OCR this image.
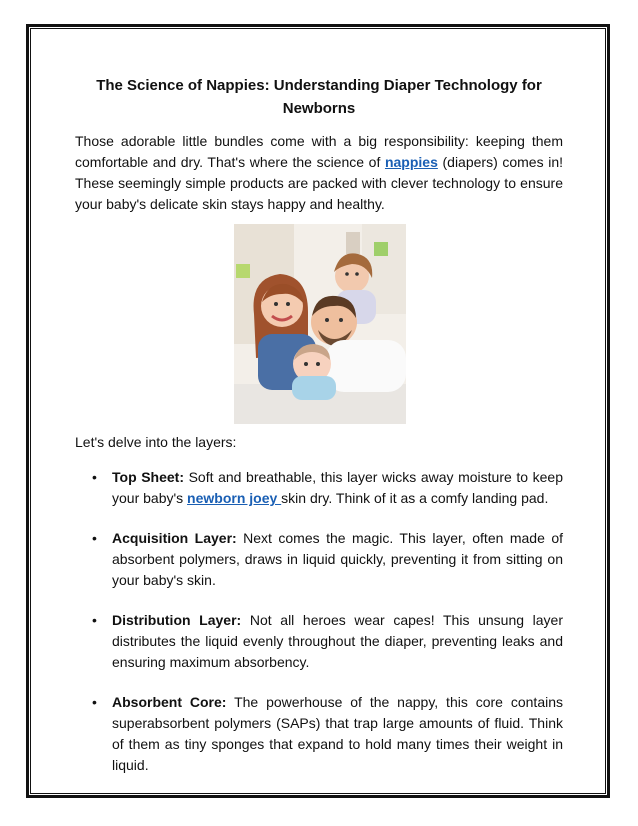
The Science of Nappies: Understanding Diaper Technology for Newborns

Those adorable little bundles come with a big responsibility: keeping them comfortable and dry. That's where the science of nappies (diapers) comes in! These seemingly simple products are packed with clever technology to ensure your baby's delicate skin stays happy and healthy.

Let's delve into the layers:
• Top Sheet: Soft and breathable, this layer wicks away moisture to keep your baby's newborn joey skin dry. Think of it as a comfy landing pad.
• Acquisition Layer: Next comes the magic. This layer, often made of absorbent polymers, draws in liquid quickly, preventing it from sitting on your baby's skin.
• Distribution Layer: Not all heroes wear capes! This unsung layer distributes the liquid evenly throughout the diaper, preventing leaks and ensuring maximum absorbency.
• Absorbent Core: The powerhouse of the nappy, this core contains superabsorbent polymers (SAPs) that trap large amounts of fluid. Think of them as tiny sponges that expand to hold many times their weight in liquid.
